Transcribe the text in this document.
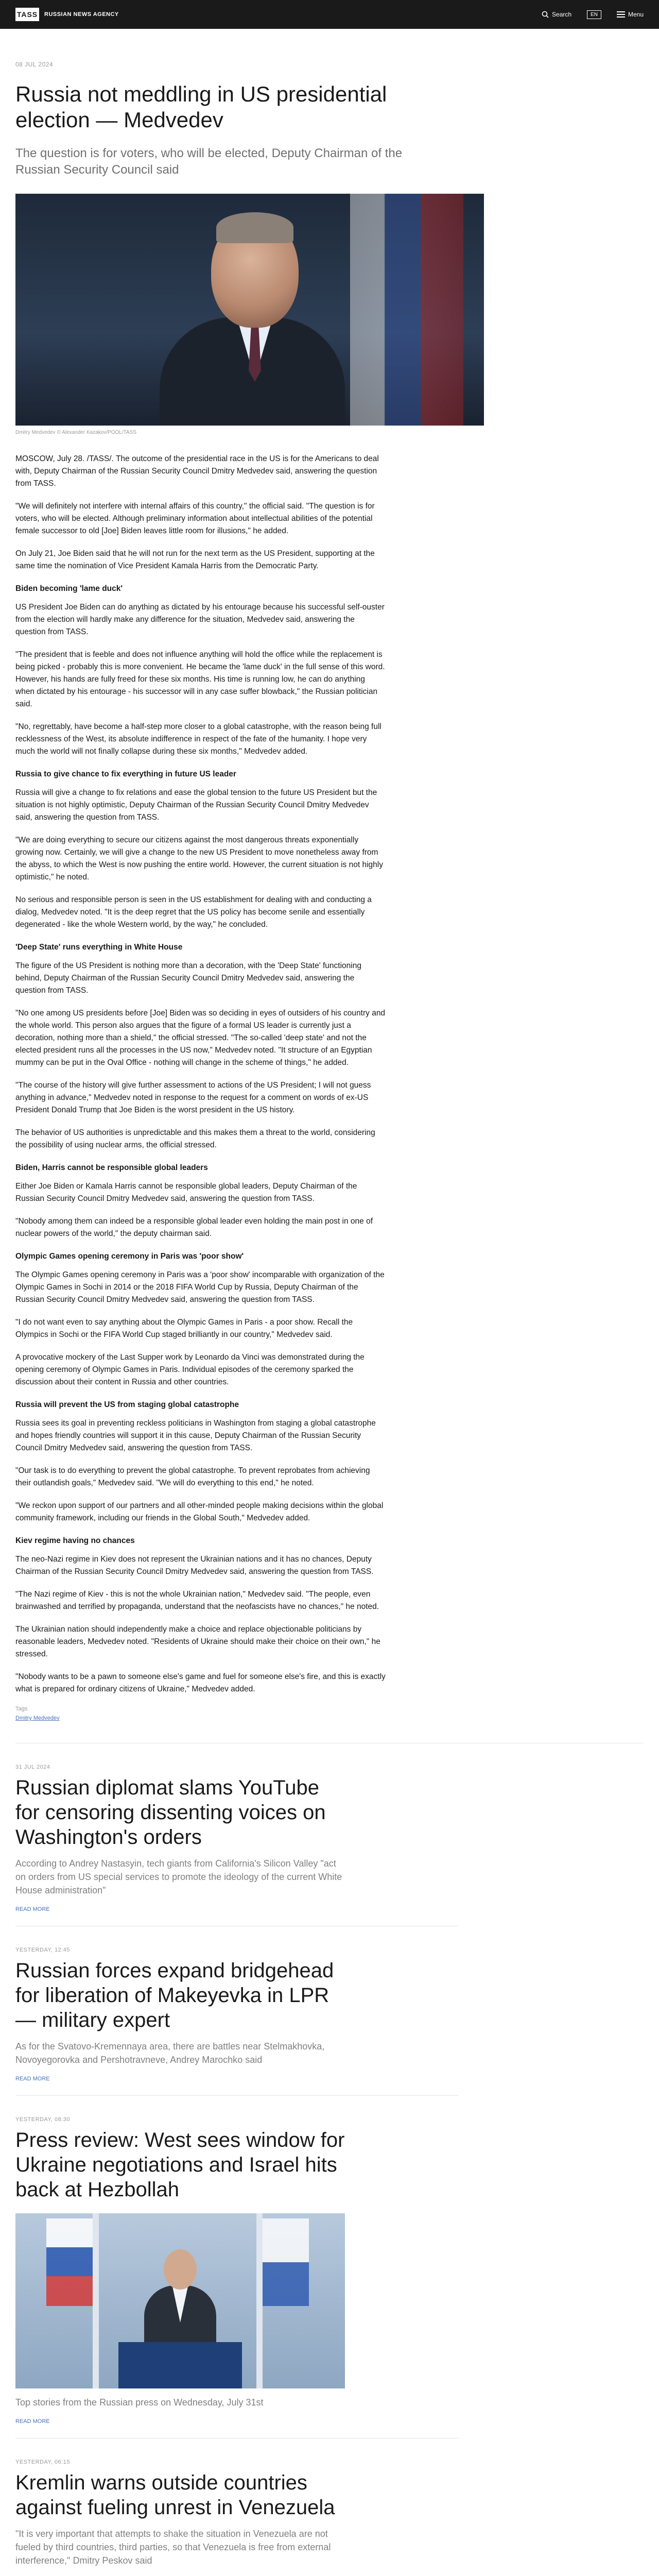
TASS RUSSIAN NEWS AGENCY	Search	EN	Menu
08 JUL 2024
Russia not meddling in US presidential election — Medvedev
The question is for voters, who will be elected, Deputy Chairman of the Russian Security Council said
Dmitry Medvedev © Alexander Kazakov/POOL/TASS

MOSCOW, July 28. /TASS/. The outcome of the presidential race in the US is for the Americans to deal with, Deputy Chairman of the Russian Security Council Dmitry Medvedev said, answering the question from TASS.

"We will definitely not interfere with internal affairs of this country," the official said. "The question is for voters, who will be elected. Although preliminary information about intellectual abilities of the potential female successor to old [Joe] Biden leaves little room for illusions," he added.

On July 21, Joe Biden said that he will not run for the next term as the US President, supporting at the same time the nomination of Vice President Kamala Harris from the Democratic Party.

Biden becoming 'lame duck'

US President Joe Biden can do anything as dictated by his entourage because his successful self-ouster from the election will hardly make any difference for the situation, Medvedev said, answering the question from TASS.

"The president that is feeble and does not influence anything will hold the office while the replacement is being picked - probably this is more convenient. He became the 'lame duck' in the full sense of this word. However, his hands are fully freed for these six months. His time is running low, he can do anything when dictated by his entourage - his successor will in any case suffer blowback," the Russian politician said.

"No, regrettably, have become a half-step more closer to a global catastrophe, with the reason being full recklessness of the West, its absolute indifference in respect of the fate of the humanity. I hope very much the world will not finally collapse during these six months," Medvedev added.

Russia to give chance to fix everything in future US leader

Russia will give a change to fix relations and ease the global tension to the future US President but the situation is not highly optimistic, Deputy Chairman of the Russian Security Council Dmitry Medvedev said, answering the question from TASS.

"We are doing everything to secure our citizens against the most dangerous threats exponentially growing now. Certainly, we will give a change to the new US President to move nonetheless away from the abyss, to which the West is now pushing the entire world. However, the current situation is not highly optimistic," he noted.

No serious and responsible person is seen in the US establishment for dealing with and conducting a dialog, Medvedev noted. "It is the deep regret that the US policy has become senile and essentially degenerated - like the whole Western world, by the way," he concluded.

'Deep State' runs everything in White House

The figure of the US President is nothing more than a decoration, with the 'Deep State' functioning behind, Deputy Chairman of the Russian Security Council Dmitry Medvedev said, answering the question from TASS.

"No one among US presidents before [Joe] Biden was so deciding in eyes of outsiders of his country and the whole world. This person also argues that the figure of a formal US leader is currently just a decoration, nothing more than a shield," the official stressed. "The so-called 'deep state' and not the elected president runs all the processes in the US now," Medvedev noted. "It structure of an Egyptian mummy can be put in the Oval Office - nothing will change in the scheme of things," he added.

"The course of the history will give further assessment to actions of the US President; I will not guess anything in advance," Medvedev noted in response to the request for a comment on words of ex-US President Donald Trump that Joe Biden is the worst president in the US history.

The behavior of US authorities is unpredictable and this makes them a threat to the world, considering the possibility of using nuclear arms, the official stressed.

Biden, Harris cannot be responsible global leaders

Either Joe Biden or Kamala Harris cannot be responsible global leaders, Deputy Chairman of the Russian Security Council Dmitry Medvedev said, answering the question from TASS.

"Nobody among them can indeed be a responsible global leader even holding the main post in one of nuclear powers of the world," the deputy chairman said.

Olympic Games opening ceremony in Paris was 'poor show'

The Olympic Games opening ceremony in Paris was a 'poor show' incomparable with organization of the Olympic Games in Sochi in 2014 or the 2018 FIFA World Cup by Russia, Deputy Chairman of the Russian Security Council Dmitry Medvedev said, answering the question from TASS.

"I do not want even to say anything about the Olympic Games in Paris - a poor show. Recall the Olympics in Sochi or the FIFA World Cup staged brilliantly in our country," Medvedev said.

A provocative mockery of the Last Supper work by Leonardo da Vinci was demonstrated during the opening ceremony of Olympic Games in Paris. Individual episodes of the ceremony sparked the discussion about their content in Russia and other countries.

Russia will prevent the US from staging global catastrophe

Russia sees its goal in preventing reckless politicians in Washington from staging a global catastrophe and hopes friendly countries will support it in this cause, Deputy Chairman of the Russian Security Council Dmitry Medvedev said, answering the question from TASS.

"Our task is to do everything to prevent the global catastrophe. To prevent reprobates from achieving their outlandish goals," Medvedev said. "We will do everything to this end," he noted.

"We reckon upon support of our partners and all other-minded people making decisions within the global community framework, including our friends in the Global South," Medvedev added.

Kiev regime having no chances

The neo-Nazi regime in Kiev does not represent the Ukrainian nations and it has no chances, Deputy Chairman of the Russian Security Council Dmitry Medvedev said, answering the question from TASS.

"The Nazi regime of Kiev - this is not the whole Ukrainian nation," Medvedev said. "The people, even brainwashed and terrified by propaganda, understand that the neofascists have no chances," he noted.

The Ukrainian nation should independently make a choice and replace objectionable politicians by reasonable leaders, Medvedev noted. "Residents of Ukraine should make their choice on their own," he stressed.

"Nobody wants to be a pawn to someone else's game and fuel for someone else's fire, and this is exactly what is prepared for ordinary citizens of Ukraine," Medvedev added.

Tags
Dmitry Medvedev
31 JUL 2024
Russian diplomat slams YouTube for censoring dissenting voices on Washington's orders
According to Andrey Nastasyin, tech giants from California's Silicon Valley "act on orders from US special services to promote the ideology of the current White House administration"
READ MORE
YESTERDAY, 12:45
Russian forces expand bridgehead for liberation of Makeyevka in LPR — military expert
As for the Svatovo-Kremennaya area, there are battles near Stelmakhovka, Novoyegorovka and Pershotravneve, Andrey Marochko said
READ MORE
YESTERDAY, 08:30
Press review: West sees window for Ukraine negotiations and Israel hits back at Hezbollah
Top stories from the Russian press on Wednesday, July 31st
READ MORE
YESTERDAY, 06:15
Kremlin warns outside countries against fueling unrest in Venezuela
"It is very important that attempts to shake the situation in Venezuela are not fueled by third countries, third parties, so that Venezuela is free from external interference," Dmitry Peskov said
